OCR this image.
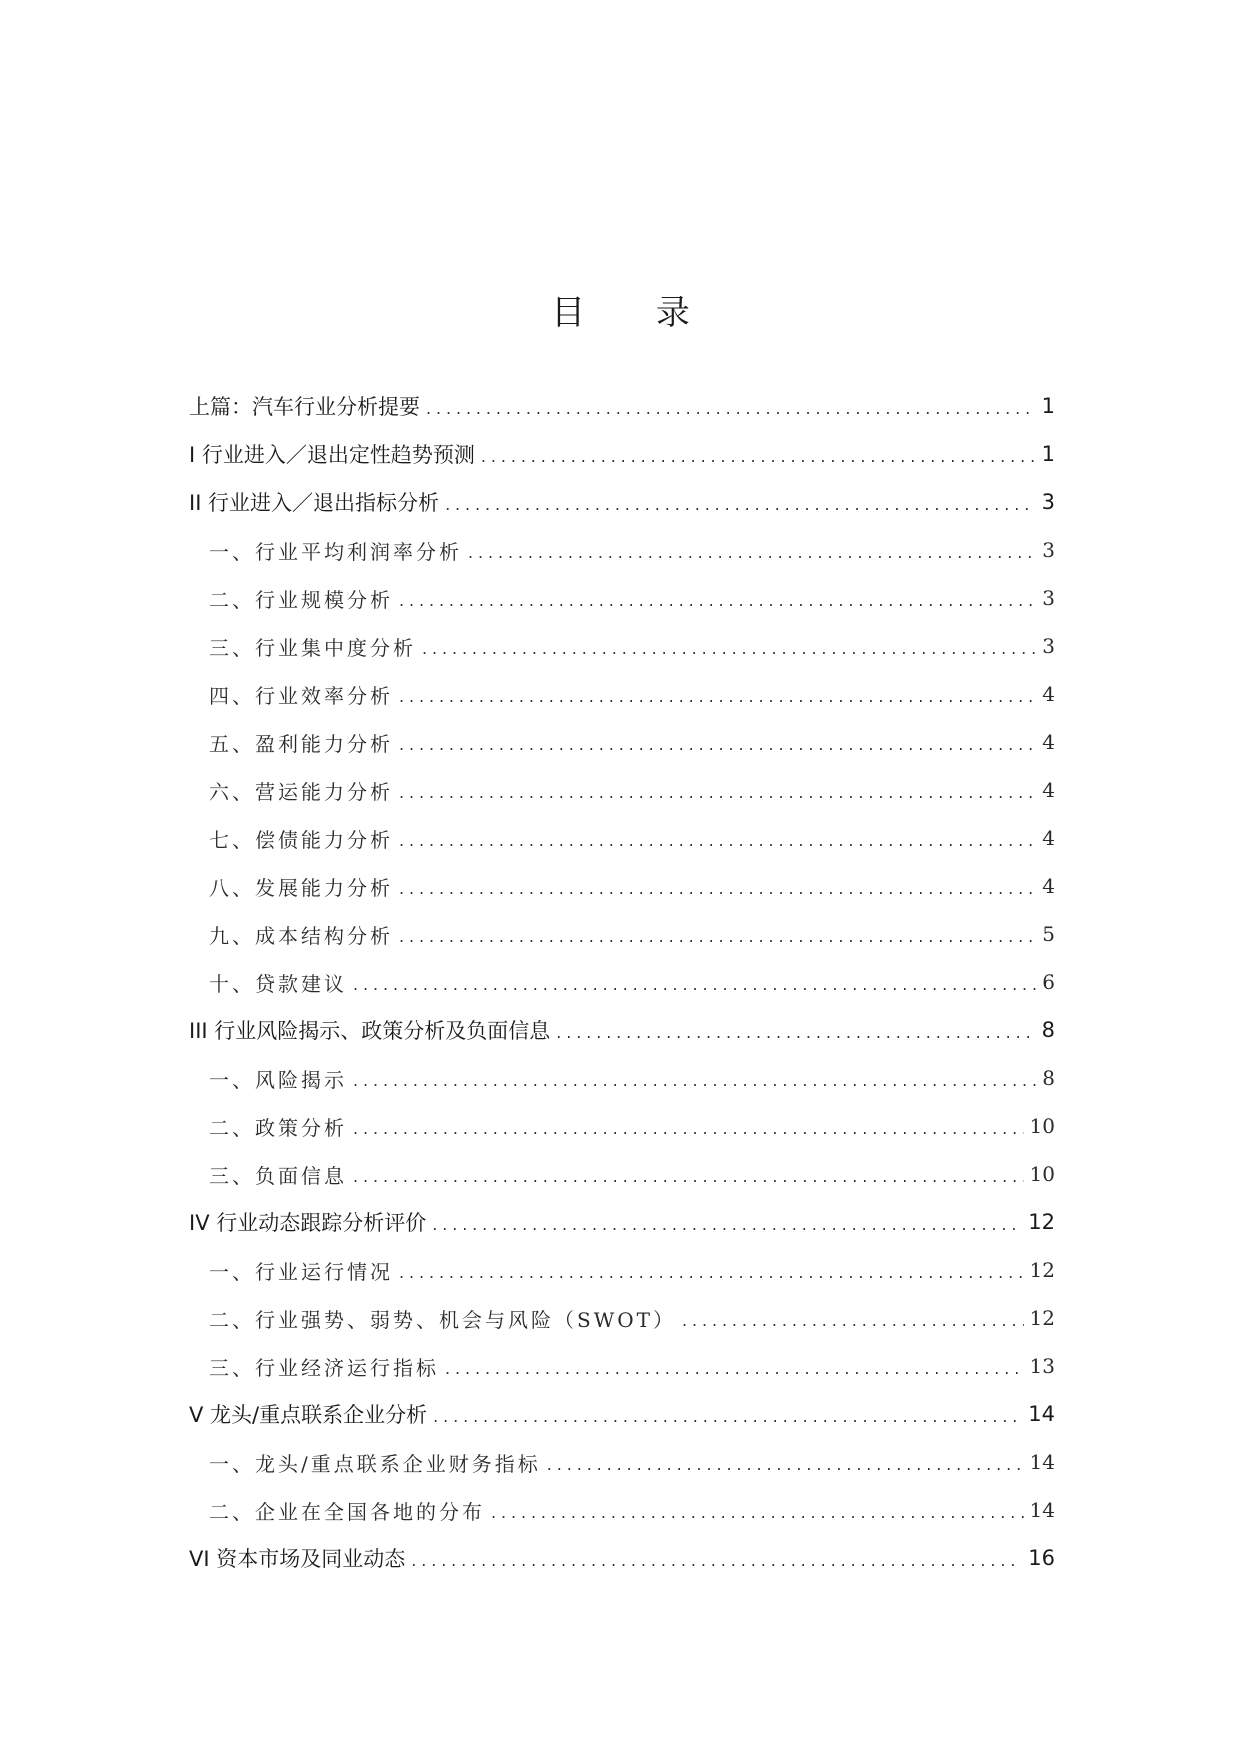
目 录
上篇：汽车行业分析提要 .....	1
I 行业进入／退出定性趋势预测 .....	1
II 行业进入／退出指标分析 .....	3
一、行业平均利润率分析 .....	3
二、行业规模分析 .....	3
三、行业集中度分析 .....	3
四、行业效率分析 .....	4
五、盈利能力分析 .....	4
六、营运能力分析 .....	4
七、偿债能力分析 .....	4
八、发展能力分析 .....	4
九、成本结构分析 .....	5
十、贷款建议 .....	6
III 行业风险揭示、政策分析及负面信息 .....	8
一、风险揭示 .....	8
二、政策分析 .....	10
三、负面信息 .....	10
IV 行业动态跟踪分析评价 .....	12
一、行业运行情况 .....	12
二、行业强势、弱势、机会与风险（SWOT） .....	12
三、行业经济运行指标 .....	13
V 龙头/重点联系企业分析 .....	14
一、龙头/重点联系企业财务指标 .....	14
二、企业在全国各地的分布 .....	14
VI 资本市场及同业动态 .....	16
